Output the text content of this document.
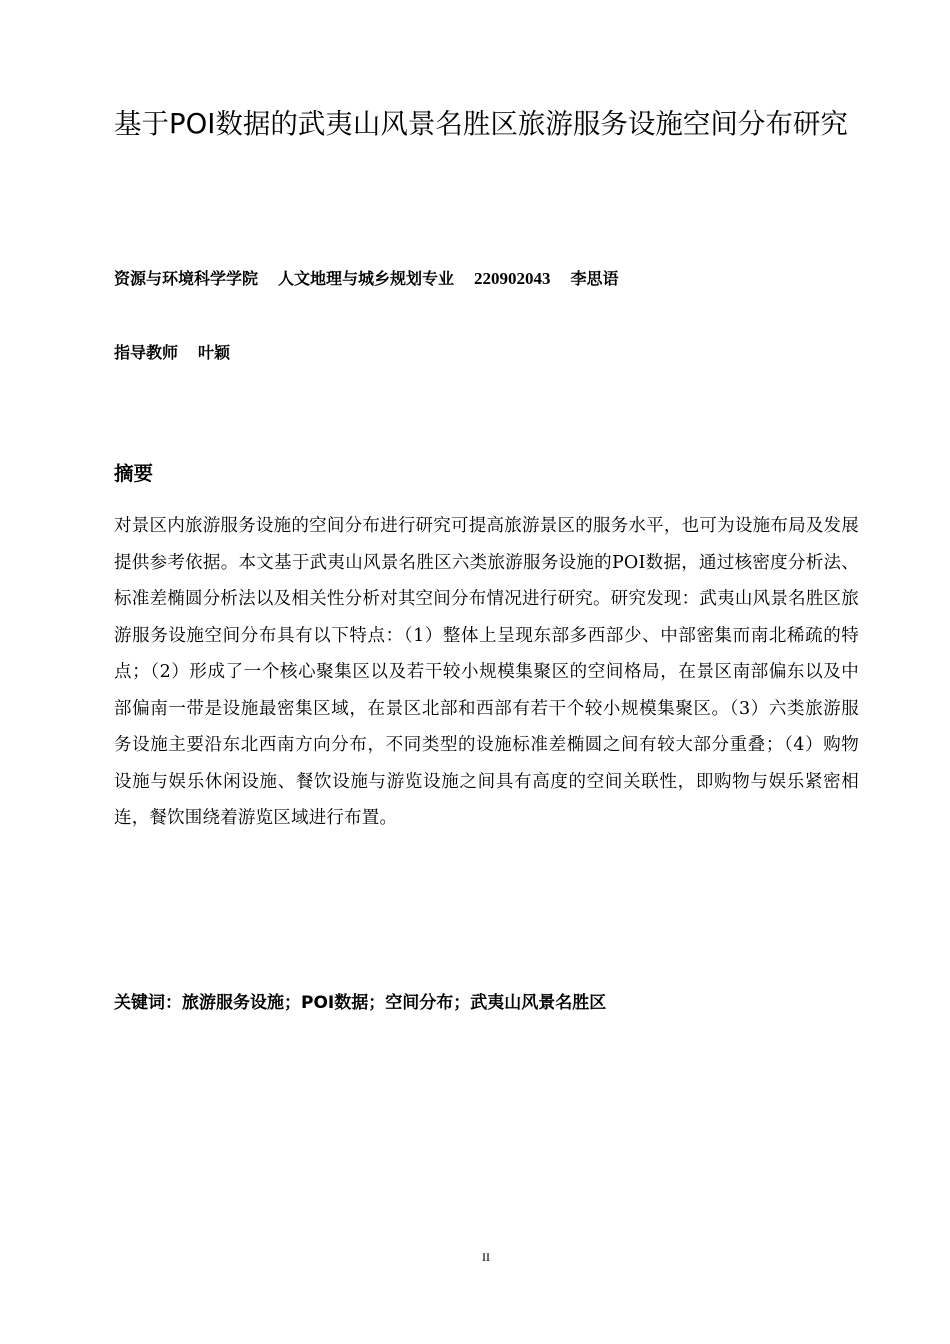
基于POI数据的武夷山风景名胜区旅游服务设施空间分布研究

资源与环境科学学院 人文地理与城乡规划专业 220902043 李思语

指导教师 叶颖

摘要

对景区内旅游服务设施的空间分布进行研究可提高旅游景区的服务水平，也可为设施布局及发展提供参考依据。本文基于武夷山风景名胜区六类旅游服务设施的POI数据，通过核密度分析法、标准差椭圆分析法以及相关性分析对其空间分布情况进行研究。研究发现：武夷山风景名胜区旅游服务设施空间分布具有以下特点：（1）整体上呈现东部多西部少、中部密集而南北稀疏的特点；（2）形成了一个核心聚集区以及若干较小规模集聚区的空间格局，在景区南部偏东以及中部偏南一带是设施最密集区域，在景区北部和西部有若干个较小规模集聚区。（3）六类旅游服务设施主要沿东北西南方向分布，不同类型的设施标准差椭圆之间有较大部分重叠；（4）购物设施与娱乐休闲设施、餐饮设施与游览设施之间具有高度的空间关联性，即购物与娱乐紧密相连，餐饮围绕着游览区域进行布置。

关键词：旅游服务设施；POI数据；空间分布；武夷山风景名胜区

II
